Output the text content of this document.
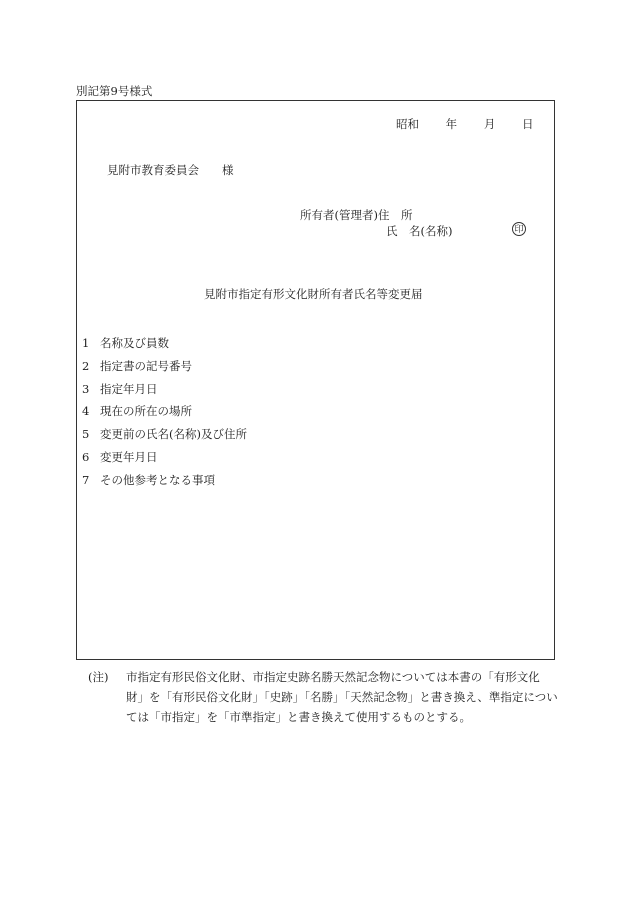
別記第9号様式
昭和 年 月 日
見附市教育委員会　　様
所有者(管理者)住　所
氏　名(名称)	印
見附市指定有形文化財所有者氏名等変更届
1 名称及び員数
2 指定書の記号番号
3 指定年月日
4 現在の所在の場所
5 変更前の氏名(名称)及び住所
6 変更年月日
7 その他参考となる事項
(注) 市指定有形民俗文化財、市指定史跡名勝天然記念物については本書の「有形文化
財」を「有形民俗文化財」「史跡」「名勝」「天然記念物」と書き換え、準指定につい
ては「市指定」を「市準指定」と書き換えて使用するものとする。
